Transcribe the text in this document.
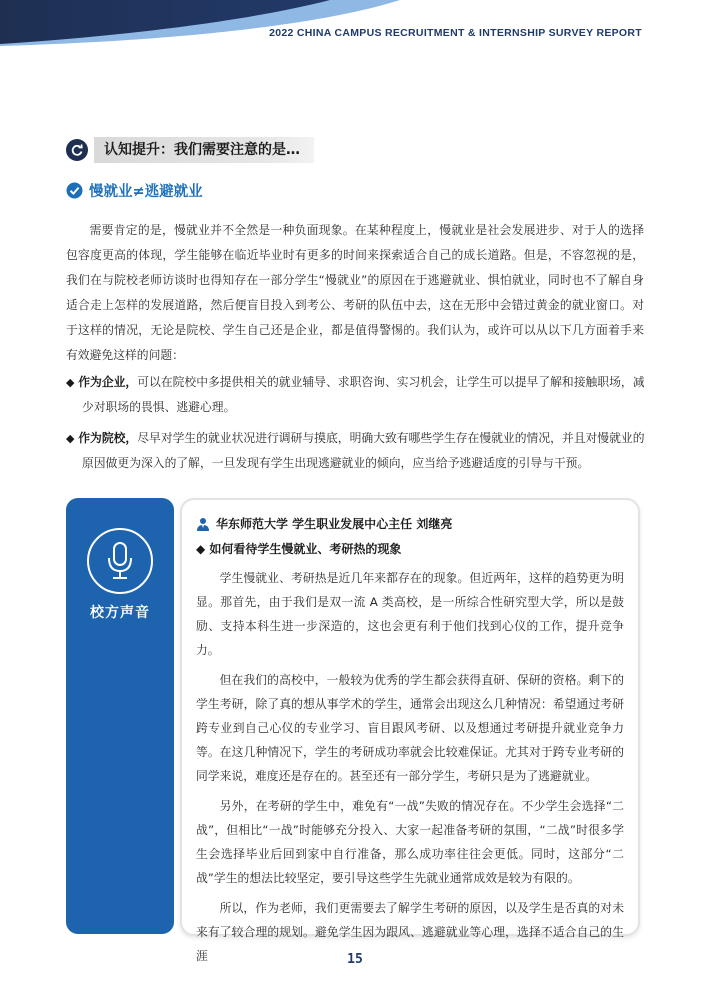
2022 CHINA CAMPUS RECRUITMENT & INTERNSHIP SURVEY REPORT
认知提升：我们需要注意的是…
慢就业≠逃避就业

需要肯定的是，慢就业并不全然是一种负面现象。在某种程度上，慢就业是社会发展进步、对于人的选择包容度更高的体现，学生能够在临近毕业时有更多的时间来探索适合自己的成长道路。但是，不容忽视的是，我们在与院校老师访谈时也得知存在一部分学生“慢就业”的原因在于逃避就业、惧怕就业，同时也不了解自身适合走上怎样的发展道路，然后便盲目投入到考公、考研的队伍中去，这在无形中会错过黄金的就业窗口。对于这样的情况，无论是院校、学生自己还是企业，都是值得警惕的。我们认为，或许可以从以下几方面着手来有效避免这样的问题：

◆ 作为企业，可以在院校中多提供相关的就业辅导、求职咨询、实习机会，让学生可以提早了解和接触职场，减少对职场的畏惧、逃避心理。

◆ 作为院校，尽早对学生的就业状况进行调研与摸底，明确大致有哪些学生存在慢就业的情况，并且对慢就业的原因做更为深入的了解，一旦发现有学生出现逃避就业的倾向，应当给予逃避适度的引导与干预。

校方声音
华东师范大学 学生职业发展中心主任 刘继亮
◆ 如何看待学生慢就业、考研热的现象

学生慢就业、考研热是近几年来都存在的现象。但近两年，这样的趋势更为明显。那首先，由于我们是双一流 A 类高校，是一所综合性研究型大学，所以是鼓励、支持本科生进一步深造的，这也会更有利于他们找到心仪的工作，提升竞争力。

但在我们的高校中，一般较为优秀的学生都会获得直研、保研的资格。剩下的学生考研，除了真的想从事学术的学生，通常会出现这么几种情况：希望通过考研跨专业到自己心仪的专业学习、盲目跟风考研、以及想通过考研提升就业竞争力等。在这几种情况下，学生的考研成功率就会比较难保证。尤其对于跨专业考研的同学来说，难度还是存在的。甚至还有一部分学生，考研只是为了逃避就业。

另外，在考研的学生中，难免有“一战”失败的情况存在。不少学生会选择“二战”，但相比“一战”时能够充分投入、大家一起准备考研的氛围，“二战”时很多学生会选择毕业后回到家中自行准备，那么成功率往往会更低。同时，这部分“二战”学生的想法比较坚定，要引导这些学生先就业通常成效是较为有限的。

所以，作为老师，我们更需要去了解学生考研的原因，以及学生是否真的对未来有了较合理的规划。避免学生因为跟风、逃避就业等心理，选择不适合自己的生涯	15
